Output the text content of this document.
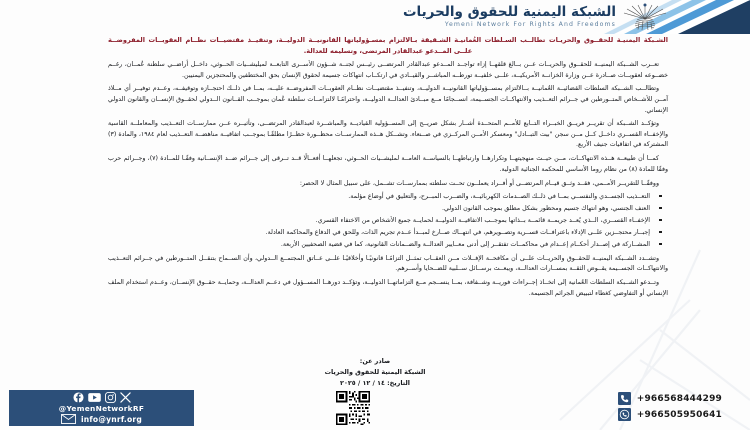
الشبكة اليمنية للحقوق والحريات
Yemeni Network For Rights And Freedoms
الشـبكة اليمنيـة للحقــوق والحريـات تطالــب السـلطات العُمانيـة الشـقيقة بـالالتزام بمسـؤولياتها القانونيــة الدوليــة، وتنفيــذ مقتضيــات نظــام العقوبــات المفروضــة علــى المــدعو عبدالقادر المرتضى، وتسليمه للعدالة.

تعــرب الشــبكة اليمنيــة للحقــوق والحريــات عــن بــالغ قلقهــا إزاء تواجــد المــدعو عبدالقادر المرتضــى رئيــس لجنــة شــؤون الأســرى التابعــة لميليشــيات الحــوثي، داخــل أراضــي سلطنة عُمــان، رغــم خضــوعه لعقوبــات صــادرة عــن وزارة الخزانــة الأمريكيــة، علــى خلفيــة تورطــه المباشــر والقيــادي في ارتكــاب انتهاكات جسيمة لحقوق الإنسان بحق المختطفين والمحتجزين اليمنيين.

وتطالــب الشــبكة السلطات القضائيــة العُمانيــة بــالالتزام بمســؤولياتها القانونيــة الدوليــة، وتنفيــذ مقتضيــات نظــام العقوبــات المفروضــة عليــه، بمــا في ذلــك احتجــازه وتوقيفــه، وعــدم توفيــر أي مــلاذ آمــن للأشــخاص المتــورطين في جــرائم التعــذيب والانتهاكــات الجســيمة، انســجامًا مــع مبــادئ العدالــة الدوليــة، واحترامًـا لالتزامــات سلطنة عُمان بموجــب القــانون الــدولي لحقــوق الإنســان والقانون الدولي الإنساني.

وتؤكــد الشــبكة أن تقريــر فريــق الخبــراء التــابع للأمــم المتحــدة أشــار بشكل صريــح إلى المســؤولية القياديــة والمباشــرة لعبدالقادر المرتضــى، وتأثيــره عــن ممارســات التعــذيب والمعاملــة القاسية والإخفــاء القســري داخــل كــل مــن سجن "بيت التبــادل" ومعسكر الأمــن المركــزي في صــنعاء. وتشــكل هــذه الممارســات محظــورة حظــرًا مطلقًـا بموجــب اتفاقيــة مناهضــة التعــذيب لعام ١٩٨٤، والمادة (٣) المشتركة في اتفاقيات جنيف الأربع.

كمــا أن طبيعــة هــذه الانتهاكــات، مــن حيــث منهجيتهــا وتكرارهــا وارتباطهــا بالسياســة العامــة لمليشــيات الحــوثي، تجعلهــا أفعــالًا قــد تــرقى إلى جــرائم ضــد الإنســانية وفقًـا للمــادة (٧)، وجــرائم حرب وفقًا للمادة (٨) من نظام روما الأساسي للمحكمة الجنائية الدولية.

ووفقًــا للتقريــر الأمــمي، فقــد وثــق قيــام المرتضــى أو أفــراد يعملــون تحــت سلطته بممارســات تشــمل، على سبيل المثال لا الحصر:

التعــذيب الجســدي والنفســي بمــا في ذلــك الصــدمات الكهربائيــة، والضــرب المبــرح، والتعليق في أوضاع مؤلمة.
العنف الجنسي، وهو انتهاك جسيم ومحظور بشكل مطلق بموجب القانون الدولي.
الإخفــاء القســري، الــذي يُعــد جريمــة قائمــة بــذاتها بموجــب الاتفاقيــة الدوليــة لحمايــة جميع الأشخاص من الاختفاء القسري.
إجبــار محتجــزين علــى الإدلاء باعترافــات قســرية وتصــويرهم، في انتهــاك صــارخ لمبــدأ عــدم تجريم الذات، وللحق في الدفاع والمحاكمة العادلة.
المشــاركة في إصــدار أحكــام إعــدام في محاكمــات تفتقــر إلى أدنى معــايير العدالــة والضــمانات القانونية، كما في قضية الصحفيين الأربعة.

وتشــدد الشــبكة اليمنيــة للحقــوق والحريــات علــى أن مكافحــة الإفــلات مــن العقــاب تمثــل التزامًـا قانونيًـا وأخلاقيًـا علــى عــاتق المجتمــع الــدولي، وأن الســماح بتنقــل المتــورطين في جــرائم التعــذيب والانتهاكــات الجســيمة يقــوض الثقــة بمســارات العدالــة، ويبعــث برســائل ســلبية للضــحايا وأســرهم.

وتــدعو الشــبكة السلطات العُمانية إلى اتخــاذ إجــراءات فوريــة وشــفافة، بمــا ينســجم مــع التزاماتهــا الدوليــة، وتؤكــد دورهــا المســؤول في دعــم العدالــة، وحمايــة حقــوق الإنســان، وعــدم استخدام الملف الإنساني أو التفاوضي كغطاء لتبييض الجرائم الجسيمة.

صادر عن:
الشبكة اليمنية للحقوق والحريات
التاريخ: ١٤ / ١٢ / ٢٠٢٥
@YemenNetworkRF
info@ynrf.org
+966568444299
+966505950641
